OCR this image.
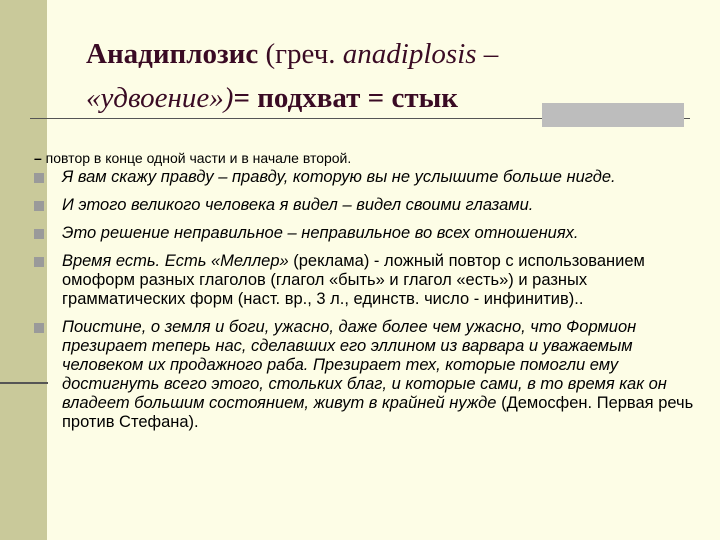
Анадиплозис (греч. anadiplosis –
«удвоение»)= подхват = стык
– повтор в конце одной части и в начале второй.
Я вам скажу правду – правду, которую вы не услышите больше нигде.
И этого великого человека я видел – видел своими глазами.
Это решение неправильное – неправильное во всех отношениях.
Время есть. Есть «Меллер» (реклама) - ложный повтор с использованием омоформ разных глаголов (глагол «быть» и глагол «есть») и разных грамматических форм (наст. вр., 3 л., единств. число - инфинитив)..
Поистине, о земля и боги, ужасно, даже более чем ужасно, что Формион презирает теперь нас, сделавших его эллином из варвара и уважаемым человеком их продажного раба. Презирает тех, которые помогли ему достигнуть всего этого, стольких благ, и которые сами, в то время как он владеет большим состоянием, живут в крайней нужде (Демосфен. Первая речь против Стефана).
